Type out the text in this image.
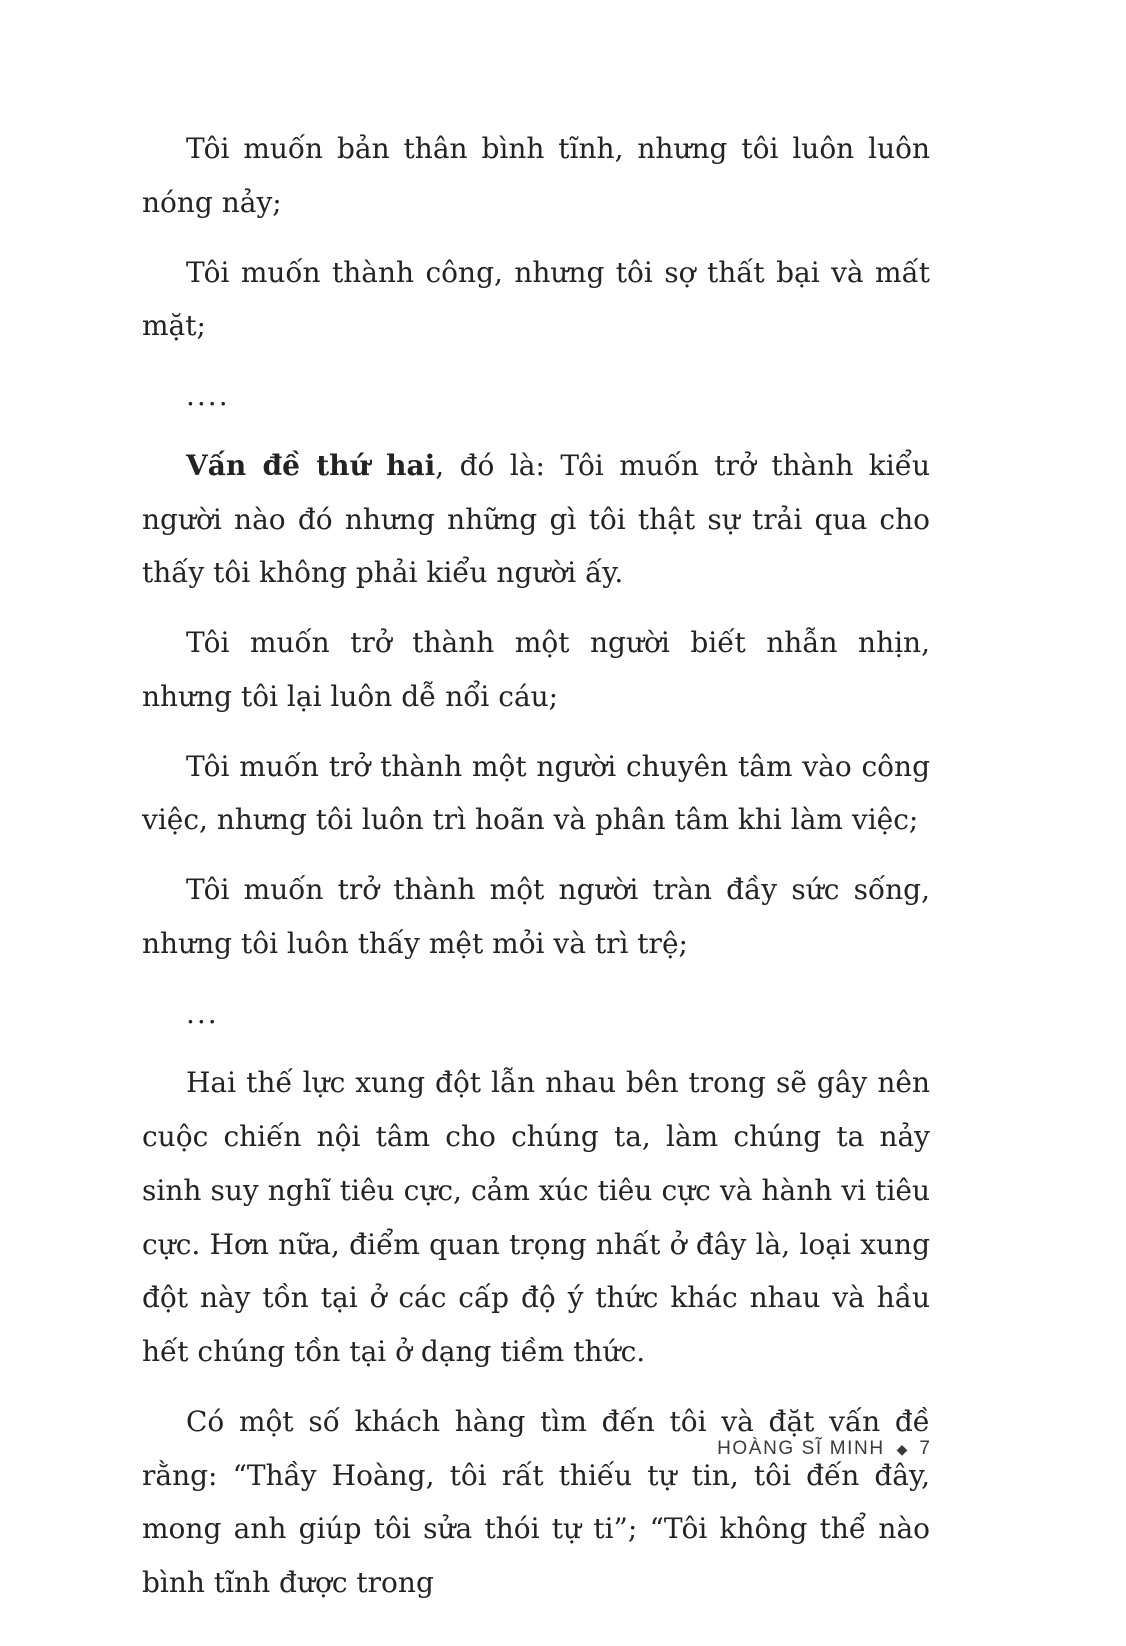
Tôi muốn bản thân bình tĩnh, nhưng tôi luôn luôn nóng nảy;

Tôi muốn thành công, nhưng tôi sợ thất bại và mất mặt;

....

Vấn đề thứ hai, đó là: Tôi muốn trở thành kiểu người nào đó nhưng những gì tôi thật sự trải qua cho thấy tôi không phải kiểu người ấy.

Tôi muốn trở thành một người biết nhẫn nhịn, nhưng tôi lại luôn dễ nổi cáu;

Tôi muốn trở thành một người chuyên tâm vào công việc, nhưng tôi luôn trì hoãn và phân tâm khi làm việc;

Tôi muốn trở thành một người tràn đầy sức sống, nhưng tôi luôn thấy mệt mỏi và trì trệ;

...

Hai thế lực xung đột lẫn nhau bên trong sẽ gây nên cuộc chiến nội tâm cho chúng ta, làm chúng ta nảy sinh suy nghĩ tiêu cực, cảm xúc tiêu cực và hành vi tiêu cực. Hơn nữa, điểm quan trọng nhất ở đây là, loại xung đột này tồn tại ở các cấp độ ý thức khác nhau và hầu hết chúng tồn tại ở dạng tiềm thức.

Có một số khách hàng tìm đến tôi và đặt vấn đề rằng: “Thầy Hoàng, tôi rất thiếu tự tin, tôi đến đây, mong anh giúp tôi sửa thói tự ti”; “Tôi không thể nào bình tĩnh được trong

HOÀNG SĨ MINH ◆ 7
